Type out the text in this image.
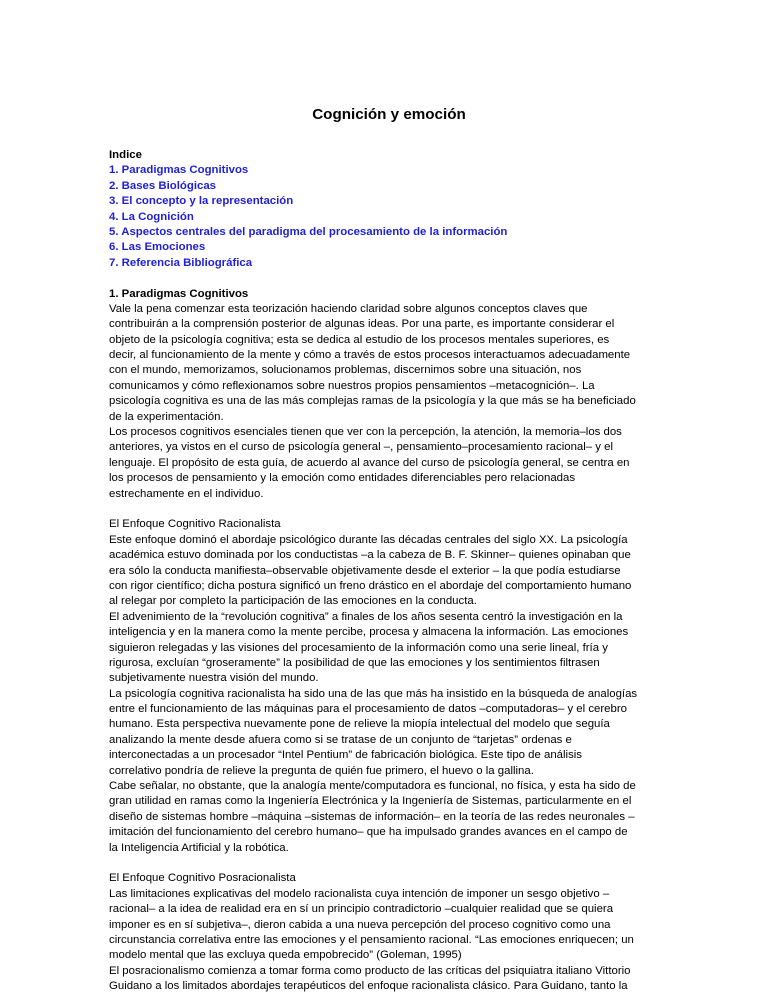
Cognición y emoción
Indice
1. Paradigmas Cognitivos
2. Bases Biológicas
3. El concepto y la representación
4. La Cognición
5. Aspectos centrales del paradigma del procesamiento de la información
6. Las Emociones
7. Referencia Bibliográfica
1. Paradigmas Cognitivos
Vale la pena comenzar esta teorización haciendo claridad sobre algunos conceptos claves que
contribuirán a la comprensión posterior de algunas ideas. Por una parte, es importante considerar el
objeto de la psicología cognitiva; esta se dedica al estudio de los procesos mentales superiores, es
decir, al funcionamiento de la mente y cómo a través de estos procesos interactuamos adecuadamente
con el mundo, memorizamos, solucionamos problemas, discernimos sobre una situación, nos
comunicamos y cómo reflexionamos sobre nuestros propios pensamientos –metacognición–. La
psicología cognitiva es una de las más complejas ramas de la psicología y la que más se ha beneficiado
de la experimentación.
Los procesos cognitivos esenciales tienen que ver con la percepción, la atención, la memoria–los dos
anteriores, ya vistos en el curso de psicología general –, pensamiento–procesamiento racional– y el
lenguaje. El propósito de esta guía, de acuerdo al avance del curso de psicología general, se centra en
los procesos de pensamiento y la emoción como entidades diferenciables pero relacionadas
estrechamente en el individuo.
El Enfoque Cognitivo Racionalista
Este enfoque dominó el abordaje psicológico durante las décadas centrales del siglo XX. La psicología
académica estuvo dominada por los conductistas –a la cabeza de B. F. Skinner– quienes opinaban que
era sólo la conducta manifiesta–observable objetivamente desde el exterior – la que podía estudiarse
con rigor científico; dicha postura significó un freno drástico en el abordaje del comportamiento humano
al relegar por completo la participación de las emociones en la conducta.
El advenimiento de la “revolución cognitiva” a finales de los años sesenta centró la investigación en la
inteligencia y en la manera como la mente percibe, procesa y almacena la información. Las emociones
siguieron relegadas y las visiones del procesamiento de la información como una serie lineal, fría y
rigurosa, excluían “groseramente” la posibilidad de que las emociones y los sentimientos filtrasen
subjetivamente nuestra visión del mundo.
La psicología cognitiva racionalista ha sido una de las que más ha insistido en la búsqueda de analogías
entre el funcionamiento de las máquinas para el procesamiento de datos –computadoras– y el cerebro
humano. Esta perspectiva nuevamente pone de relieve la miopía intelectual del modelo que seguía
analizando la mente desde afuera como si se tratase de un conjunto de “tarjetas” ordenas e
interconectadas a un procesador “Intel Pentium” de fabricación biológica. Este tipo de análisis
correlativo pondría de relieve la pregunta de quién fue primero, el huevo o la gallina.
Cabe señalar, no obstante, que la analogía mente/computadora es funcional, no física, y esta ha sido de
gran utilidad en ramas como la Ingeniería Electrónica y la Ingeniería de Sistemas, particularmente en el
diseño de sistemas hombre –máquina –sistemas de información– en la teoría de las redes neuronales –
imitación del funcionamiento del cerebro humano– que ha impulsado grandes avances en el campo de
la Inteligencia Artificial y la robótica.
El Enfoque Cognitivo Posracionalista
Las limitaciones explicativas del modelo racionalista cuya intención de imponer un sesgo objetivo –
racional– a la idea de realidad era en sí un principio contradictorio –cualquier realidad que se quiera
imponer es en sí subjetiva–, dieron cabida a una nueva percepción del proceso cognitivo como una
circunstancia correlativa entre las emociones y el pensamiento racional. “Las emociones enriquecen; un
modelo mental que las excluya queda empobrecido” (Goleman, 1995)
El posracionalismo comienza a tomar forma como producto de las críticas del psiquiatra italiano Vittorio
Guidano a los limitados abordajes terapéuticos del enfoque racionalista clásico. Para Guidano, tanto la
